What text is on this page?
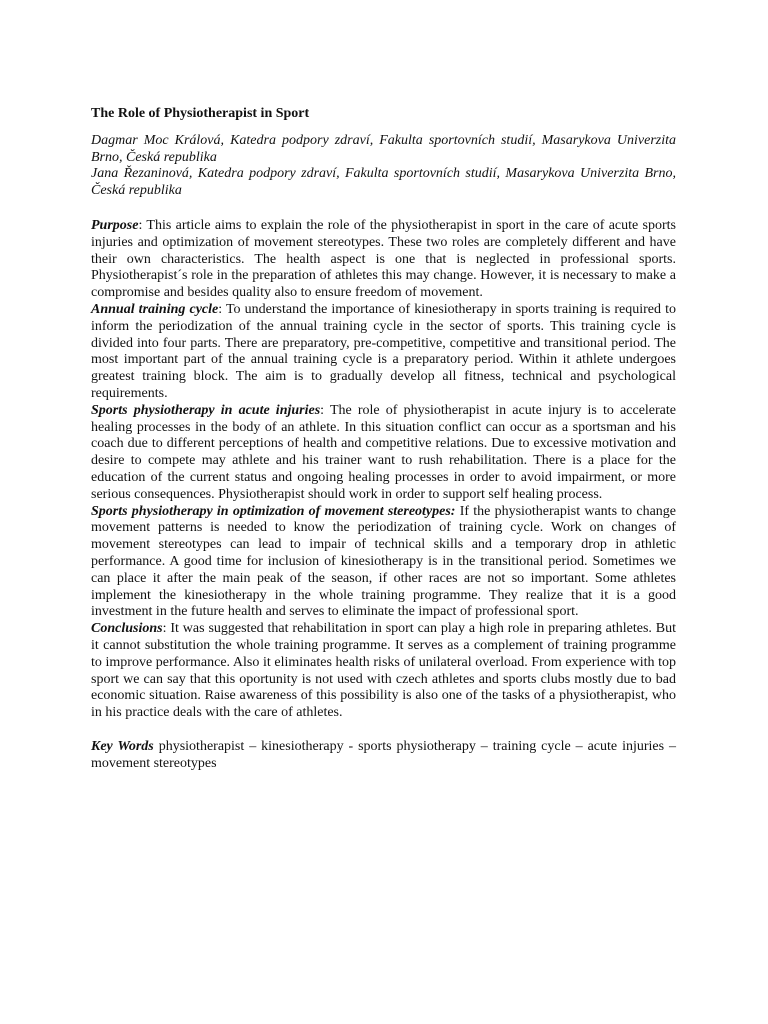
The Role of Physiotherapist in Sport

Dagmar Moc Králová, Katedra podpory zdraví, Fakulta sportovních studií, Masarykova Univerzita Brno, Česká republika

Jana Řezaninová, Katedra podpory zdraví, Fakulta sportovních studií, Masarykova Univerzita Brno, Česká republika

Purpose: This article aims to explain the role of the physiotherapist in sport in the care of acute sports injuries and optimization of movement stereotypes. These two roles are completely different and have their own characteristics. The health aspect is one that is neglected in professional sports. Physiotherapist´s role in the preparation of athletes this may change. However, it is necessary to make a compromise and besides quality also to ensure freedom of movement.

Annual training cycle: To understand the importance of kinesiotherapy in sports training is required to inform the periodization of the annual training cycle in the sector of sports. This training cycle is divided into four parts. There are preparatory, pre-competitive, competitive and transitional period. The most important part of the annual training cycle is a preparatory period. Within it athlete undergoes greatest training block. The aim is to gradually develop all fitness, technical and psychological requirements.

Sports physiotherapy in acute injuries: The role of physiotherapist in acute injury is to accelerate healing processes in the body of an athlete. In this situation conflict can occur as a sportsman and his coach due to different perceptions of health and competitive relations. Due to excessive motivation and desire to compete may athlete and his trainer want to rush rehabilitation. There is a place for the education of the current status and ongoing healing processes in order to avoid impairment, or more serious consequences. Physiotherapist should work in order to support self healing process.

Sports physiotherapy in optimization of movement stereotypes: If the physiotherapist wants to change movement patterns is needed to know the periodization of training cycle. Work on changes of movement stereotypes can lead to impair of technical skills and a temporary drop in athletic performance. A good time for inclusion of kinesiotherapy is in the transitional period. Sometimes we can place it after the main peak of the season, if other races are not so important. Some athletes implement the kinesiotherapy in the whole training programme. They realize that it is a good investment in the future health and serves to eliminate the impact of professional sport.

Conclusions: It was suggested that rehabilitation in sport can play a high role in preparing athletes. But it cannot substitution the whole training programme. It serves as a complement of training programme to improve performance. Also it eliminates health risks of unilateral overload. From experience with top sport we can say that this oportunity is not used with czech athletes and sports clubs mostly due to bad economic situation. Raise awareness of this possibility is also one of the tasks of a physiotherapist, who in his practice deals with the care of athletes.

Key Words physiotherapist – kinesiotherapy - sports physiotherapy – training cycle – acute injuries – movement stereotypes
